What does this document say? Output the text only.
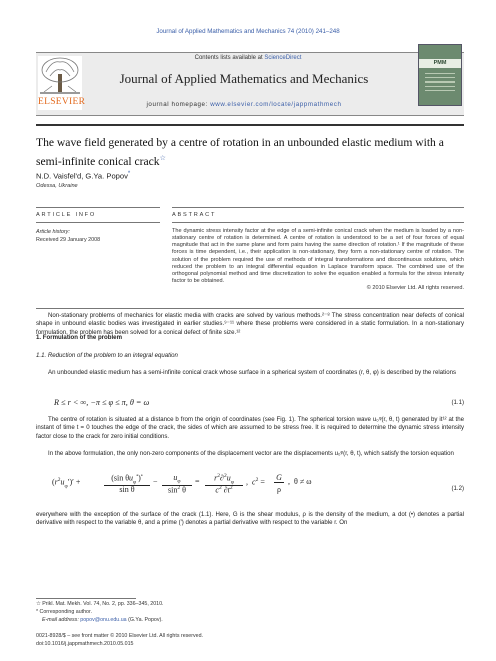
Journal of Applied Mathematics and Mechanics 74 (2010) 241–248
Contents lists available at ScienceDirect
ELSEVIER
Journal of Applied Mathematics and Mechanics
journal homepage: www.elsevier.com/locate/jappmathmech
PMM
The wave field generated by a centre of rotation in an unbounded elastic medium with a semi-infinite conical crack☆
N.D. Vaisfel'd, G.Ya. Popov*
Odessa, Ukraine
ARTICLE INFO	ABSTRACT
Article history:
Received 29 January 2008
The dynamic stress intensity factor at the edge of a semi-infinite conical crack when the medium is loaded by a non-stationary centre of rotation is determined. A centre of rotation is understood to be a set of four forces of equal magnitude that act in the same plane and form pairs having the same direction of rotation.¹ If the magnitude of these forces is time dependent, i.e., their application is non-stationary, they form a non-stationary centre of rotation. The solution of the problem required the use of methods of integral transformations and discontinuous solutions, which reduced the problem to an integral differential equation in Laplace transform space. The combined use of the orthogonal polynomial method and time discretization to solve the equation enabled a formula for the stress intensity factor to be obtained.
© 2010 Elsevier Ltd. All rights reserved.
Non-stationary problems of mechanics for elastic media with cracks are solved by various methods.²⁻⁸ The stress concentration near defects of conical shape in unbound elastic bodies was investigated in earlier studies.⁹⁻¹¹ where these problems were considered in a static formulation. In a non-stationary formulation, the problem has been solved for a conical defect of finite size.¹²
1. Formulation of the problem
1.1. Reduction of the problem to an integral equation
An unbounded elastic medium has a semi-infinite conical crack whose surface in a spherical system of coordinates (r, θ, φ) is described by the relations
R ≤ r < ∞, −π ≤ φ ≤ π, θ = ω	(1.1)
The centre of rotation is situated at a distance b from the origin of coordinates (see Fig. 1). The spherical torsion wave u₀ᵠ(r, θ, t) generated by it¹² at the instant of time t = 0 touches the edge of the crack, the sides of which are assumed to be stress free. It is required to determine the dynamic stress intensity factor close to the crack for zero initial conditions.
In the above formulation, the only non-zero components of the displacement vector are the displacements u₀ᵠ(r, θ, t), which satisfy the torsion equation
$(r^2u_\varphi')'$ +	(sin $\theta u_\varphi^•)^•$
sin θ
−	$u_\varphi$
$\sin^2 \theta$
=	$r^2\partial^2u_\varphi$
$c^2$ $\partial t^2$
,  $c^2$ =
G
ρ
,  θ ≠ ω
(1.2)
everywhere with the exception of the surface of the crack (1.1). Here, G is the shear modulus, ρ is the density of the medium, a dot (•) denotes a partial derivative with respect to the variable θ, and a prime (′) denotes a partial derivative with respect to the variable r. On
☆ Prikl. Mat. Mekh. Vol. 74, No. 2, pp. 336–345, 2010.
* Corresponding author.
E-mail address: popov@onu.edu.ua (G.Ya. Popov).
0021-8928/$ – see front matter © 2010 Elsevier Ltd. All rights reserved.
doi:10.1016/j.jappmathmech.2010.05.015
